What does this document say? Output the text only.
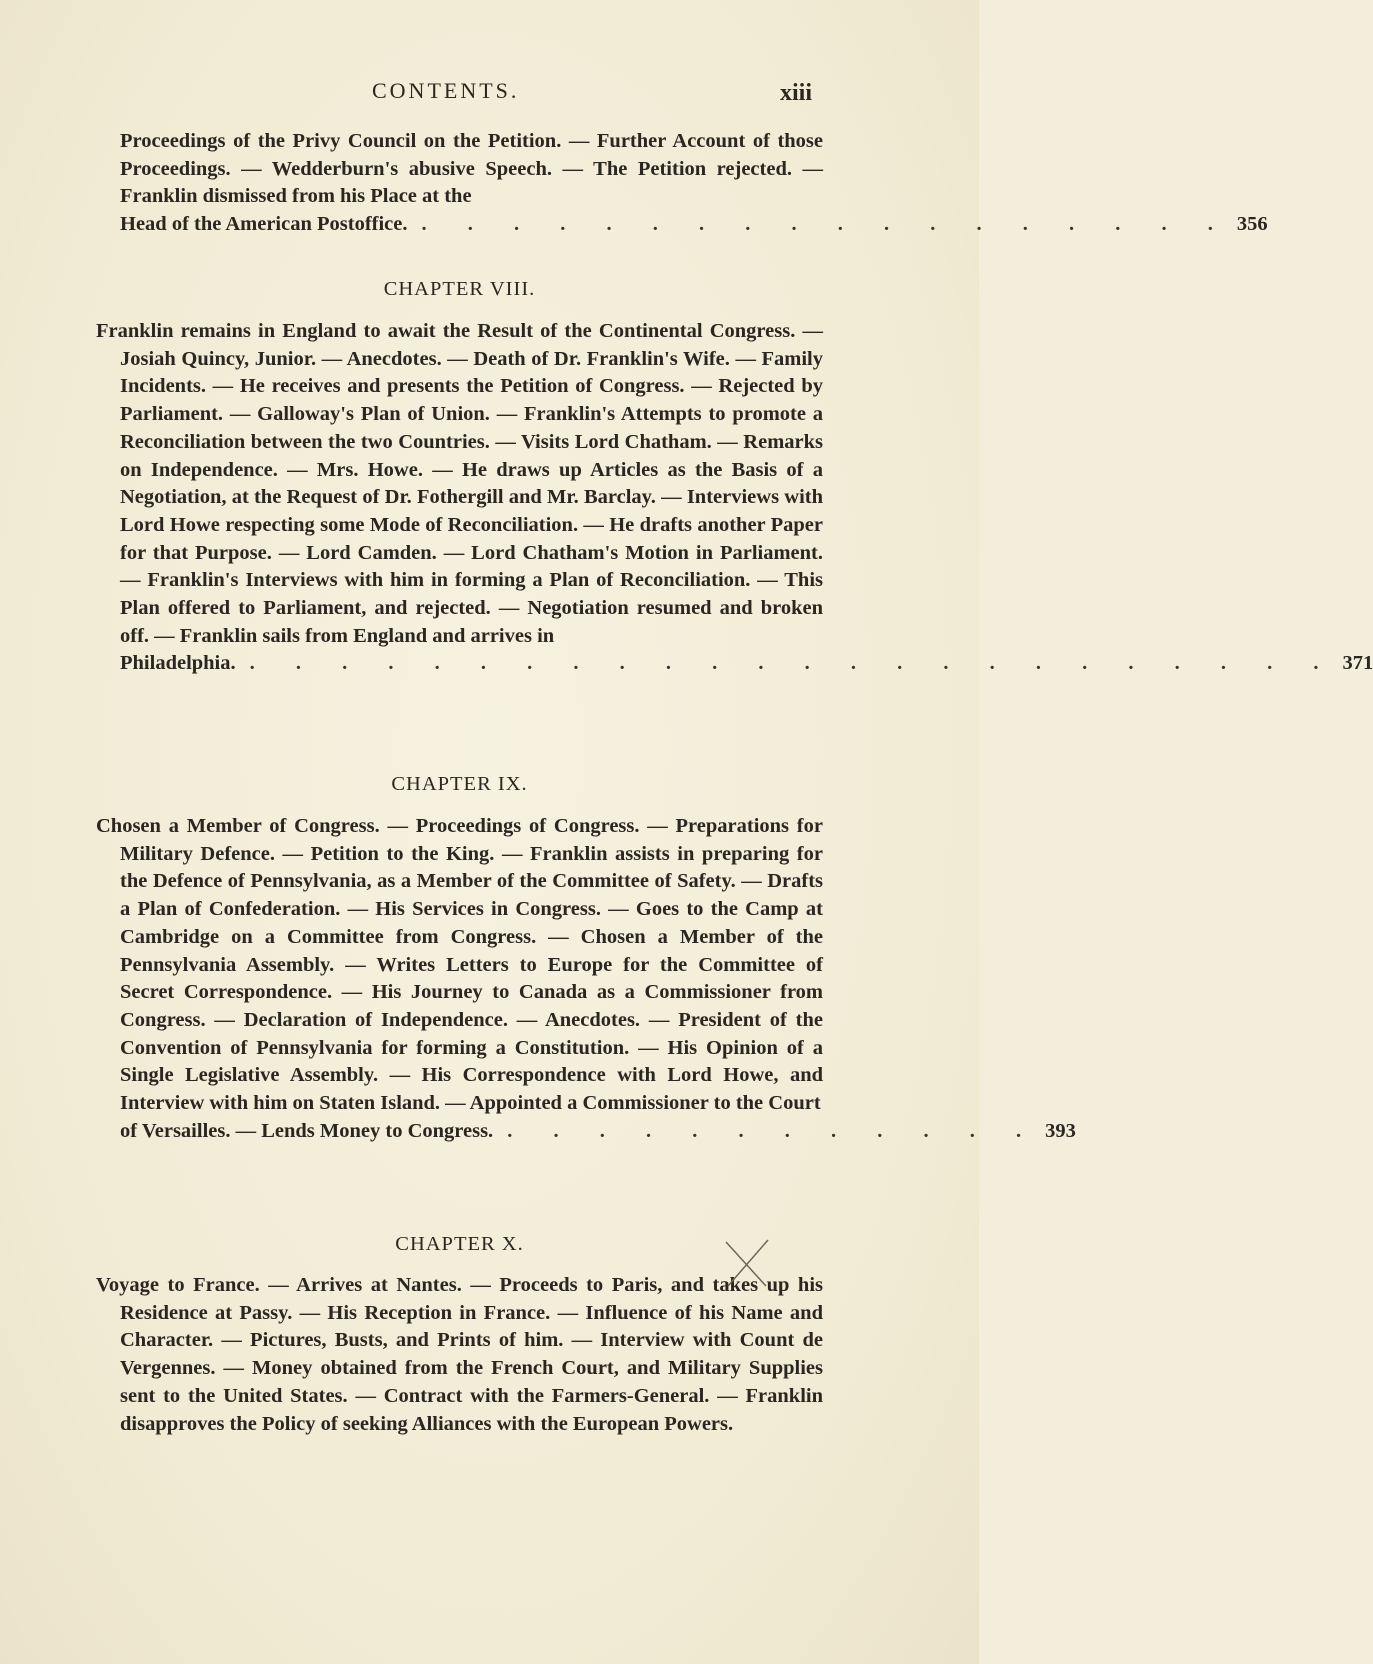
CONTENTS.	xiii
Proceedings of the Privy Council on the Petition. — Further Account of those Proceedings. — Wedderburn's abusive Speech. — The Petition rejected. — Franklin dismissed from his Place at the
Head of the American Postoffice. . . . . . . . . . . . . . . . . . . 356
CHAPTER VIII.
Franklin remains in England to await the Result of the Continental Congress. — Josiah Quincy, Junior. — Anecdotes. — Death of Dr. Franklin's Wife. — Family Incidents. — He receives and presents the Petition of Congress. — Rejected by Parliament. — Galloway's Plan of Union. — Franklin's Attempts to promote a Reconciliation between the two Countries. — Visits Lord Chatham. — Remarks on Independence. — Mrs. Howe. — He draws up Articles as the Basis of a Negotiation, at the Request of Dr. Fothergill and Mr. Barclay. — Interviews with Lord Howe respecting some Mode of Reconciliation. — He drafts another Paper for that Purpose. — Lord Camden. — Lord Chatham's Motion in Parliament. — Franklin's Interviews with him in forming a Plan of Reconciliation. — This Plan offered to Parliament, and rejected. — Negotiation resumed and broken off. — Franklin sails from England and arrives in
Philadelphia. . . . . . . . . . . . . . . . . . . . . . . . . 371
CHAPTER IX.
Chosen a Member of Congress. — Proceedings of Congress. — Preparations for Military Defence. — Petition to the King. — Franklin assists in preparing for the Defence of Pennsylvania, as a Member of the Committee of Safety. — Drafts a Plan of Confederation. — His Services in Congress. — Goes to the Camp at Cambridge on a Committee from Congress. — Chosen a Member of the Pennsylvania Assembly. — Writes Letters to Europe for the Committee of Secret Correspondence. — His Journey to Canada as a Commissioner from Congress. — Declaration of Independence. — Anecdotes. — President of the Convention of Pennsylvania for forming a Constitution. — His Opinion of a Single Legislative Assembly. — His Correspondence with Lord Howe, and Interview with him on Staten Island. — Appointed a Commissioner to the Court
of Versailles. — Lends Money to Congress. . . . . . . . . . . . . 393
CHAPTER X.
Voyage to France. — Arrives at Nantes. — Proceeds to Paris, and takes up his Residence at Passy. — His Reception in France. — Influence of his Name and Character. — Pictures, Busts, and Prints of him. — Interview with Count de Vergennes. — Money obtained from the French Court, and Military Supplies sent to the United States. — Contract with the Farmers-General. — Franklin disapproves the Policy of seeking Alliances with the European Powers.
